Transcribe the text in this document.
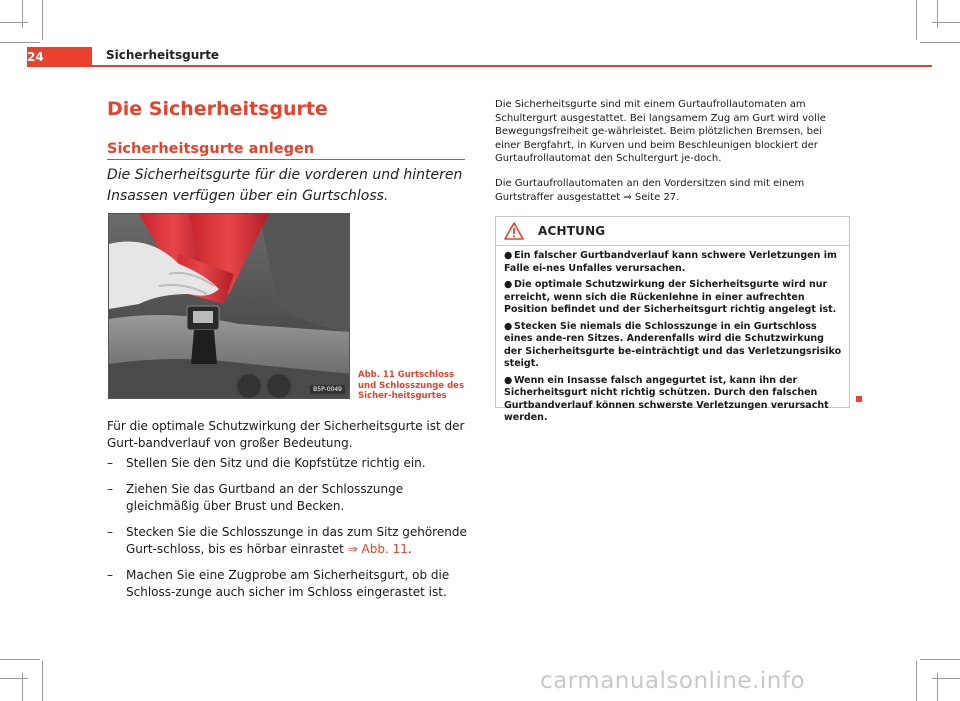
24	Sicherheitsgurte
Die Sicherheitsgurte
Sicherheitsgurte anlegen

Die Sicherheitsgurte für die vorderen und hinteren Insassen verfügen über ein Gurtschloss.

B5P-0049
Abb. 11 Gurtschloss und Schlosszunge des Sicher-heitsgurtes

Für die optimale Schutzwirkung der Sicherheitsgurte ist der Gurt-bandverlauf von großer Bedeutung.

– Stellen Sie den Sitz und die Kopfstütze richtig ein.
– Ziehen Sie das Gurtband an der Schlosszunge gleichmäßig über Brust und Becken.
– Stecken Sie die Schlosszunge in das zum Sitz gehörende Gurt-schloss, bis es hörbar einrastet ⇒ Abb. 11.
– Machen Sie eine Zugprobe am Sicherheitsgurt, ob die Schloss-zunge auch sicher im Schloss eingerastet ist.

Die Sicherheitsgurte sind mit einem Gurtaufrollautomaten am Schultergurt ausgestattet. Bei langsamem Zug am Gurt wird volle Bewegungsfreiheit ge-währleistet. Beim plötzlichen Bremsen, bei einer Bergfahrt, in Kurven und beim Beschleunigen blockiert der Gurtaufrollautomat den Schultergurt je-doch.

Die Gurtaufrollautomaten an den Vordersitzen sind mit einem Gurtstraffer ausgestattet ⇒ Seite 27.

ACHTUNG
● Ein falscher Gurtbandverlauf kann schwere Verletzungen im Falle ei-nes Unfalles verursachen.
● Die optimale Schutzwirkung der Sicherheitsgurte wird nur erreicht, wenn sich die Rückenlehne in einer aufrechten Position befindet und der Sicherheitsgurt richtig angelegt ist.
● Stecken Sie niemals die Schlosszunge in ein Gurtschloss eines ande-ren Sitzes. Anderenfalls wird die Schutzwirkung der Sicherheitsgurte be-einträchtigt und das Verletzungsrisiko steigt.
● Wenn ein Insasse falsch angegurtet ist, kann ihn der Sicherheitsgurt nicht richtig schützen. Durch den falschen Gurtbandverlauf können schwerste Verletzungen verursacht werden.
carmanualsonline.info
